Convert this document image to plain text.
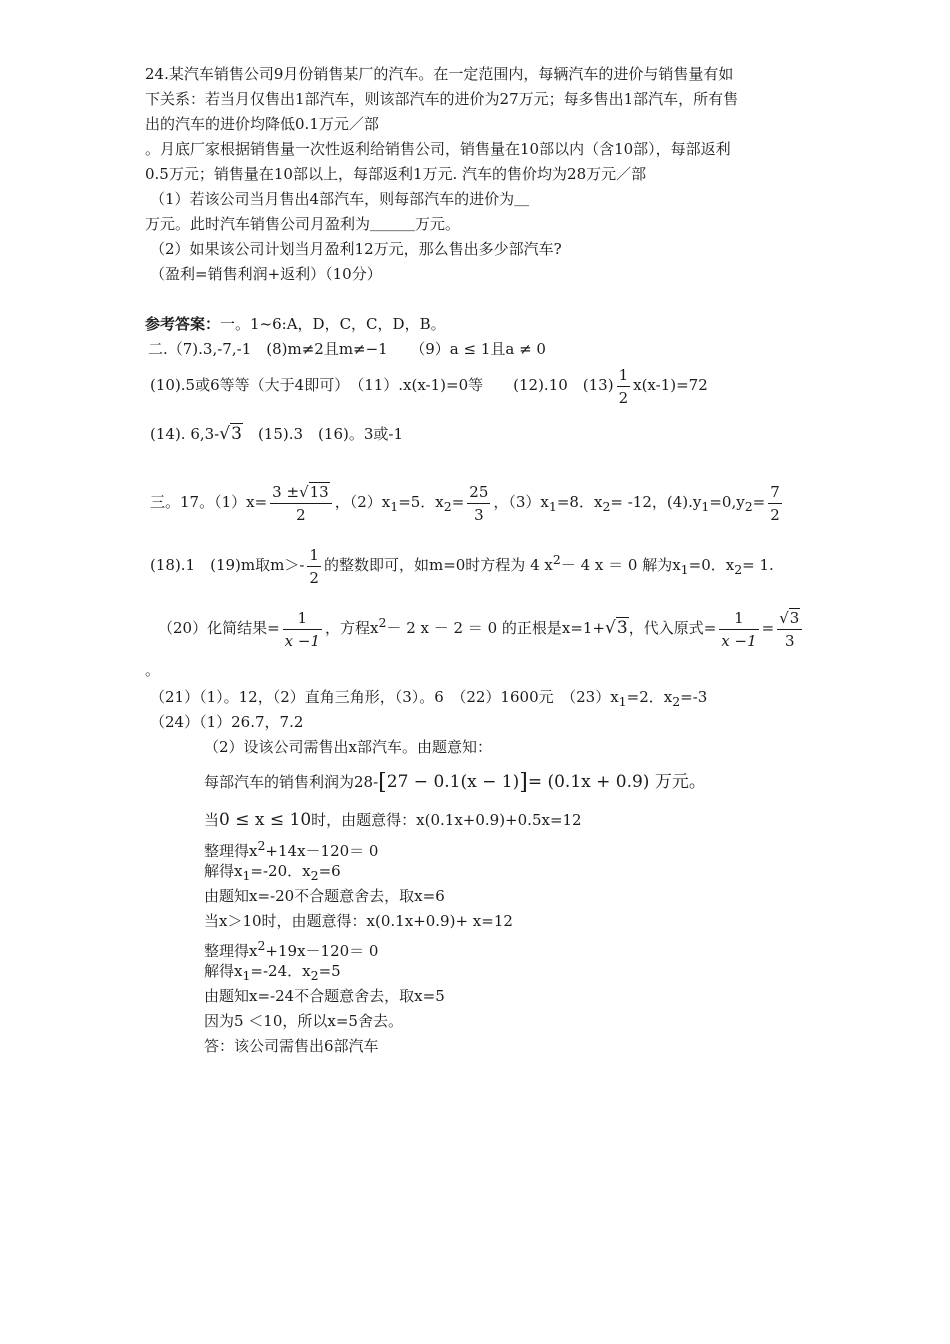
24.某汽车销售公司9月份销售某厂的汽车。在一定范围内，每辆汽车的进价与销售量有如
下关系：若当月仅售出1部汽车，则该部汽车的进价为27万元；每多售出1部汽车，所有售
出的汽车的进价均降低0.1万元／部
。月底厂家根据销售量一次性返利给销售公司，销售量在10部以内（含10部），每部返利
0.5万元；销售量在10部以上，每部返利1万元. 汽车的售价均为28万元／部
（1）若该公司当月售出4部汽车，则每部汽车的进价为＿
万元。此时汽车销售公司月盈利为＿＿＿万元。
（2）如果该公司计划当月盈利12万元，那么售出多少部汽车?
（盈利=销售利润+返利）（10分）
参考答案：一。1~6:A，D，C，C，D，B。
二.（7).3,-7,-1　(8)m≠2且m≠−1　　（9）a ≤ 1且a ≠ 0
(10).5或6等等（大于4即可）　（11）.x(x-1)=0等　　(12).10　$(13) \frac{1}{2} x(x-1)=72$
(14). 6,3-√3　 (15).3　(16)。3或-1
三。17。$(1)x= \frac{3 \pm√13}{2}$ ，$(2)x_1=5$．$x_2= \frac{25}{3}$ ，$(3)x_1=8$．$x_2= -12$，$(4).y_1=0,y_2= \frac{7}{2}$
(18).1　(19)m取$m>- \frac{1}{2}$ 的整数即可，如m=0时方程为 4 $x^2- 4$ x ＝ 0 解为$x_1=0$．$x_2= 1$.
（20）化简结果= $\frac{1}{x -1}$ ，方程$x^2- 2$ x － 2 ＝ 0 的正根是x=1+√3，代入原式= $\frac{1}{x -1} = \frac{√3}{3}$
。
（21）（1）。12，（2）直角三角形，（3）。6　（22）1600元　$(23)x_1=2$．$x_2=-3$
（24）（1）26.7，7.2
（2）设该公司需售出x部汽车。由题意知：
每部汽车的销售利润为28-[27 − 0.1(x − 1)]= (0.1x + 0.9) 万元。
当0 ≤ x ≤ 10时，由题意得：x(0.1x+0.9)+0.5x=12
整理得$x^2+14x-120= 0$
解得$x_1=-20$．$x_2=6$
由题知x=-20不合题意舍去，取x=6
当x＞10时，由题意得：x(0.1x+0.9)+ x=12
整理得$x^2+19x-120= 0$
解得$x_1=-24$．$x_2=5$
由题知x=-24不合题意舍去，取x=5
因为5 ＜10，所以x=5舍去。
答：该公司需售出6部汽车
